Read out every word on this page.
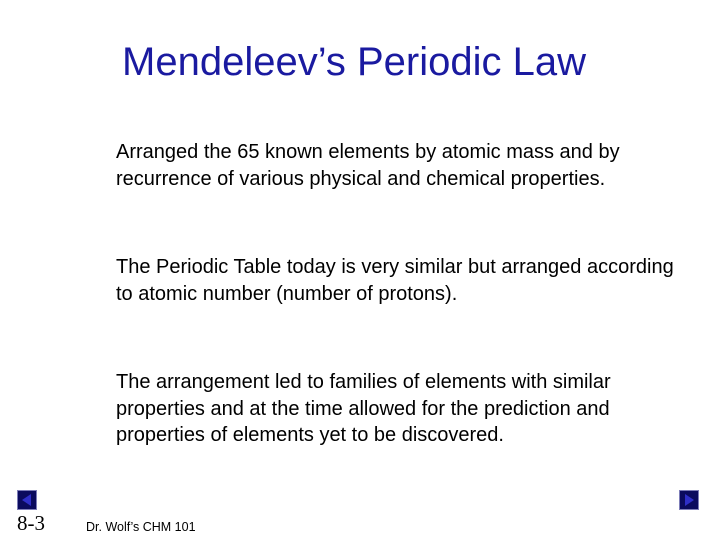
Mendeleev’s Periodic Law
Arranged the 65 known elements by atomic mass and by recurrence of various physical and chemical properties.
The Periodic Table today is very similar but arranged according to atomic number (number of protons).
The arrangement led to families of elements with similar properties and at the time allowed for the prediction and properties of elements yet to be discovered.
8-3	Dr. Wolf’s CHM 101
